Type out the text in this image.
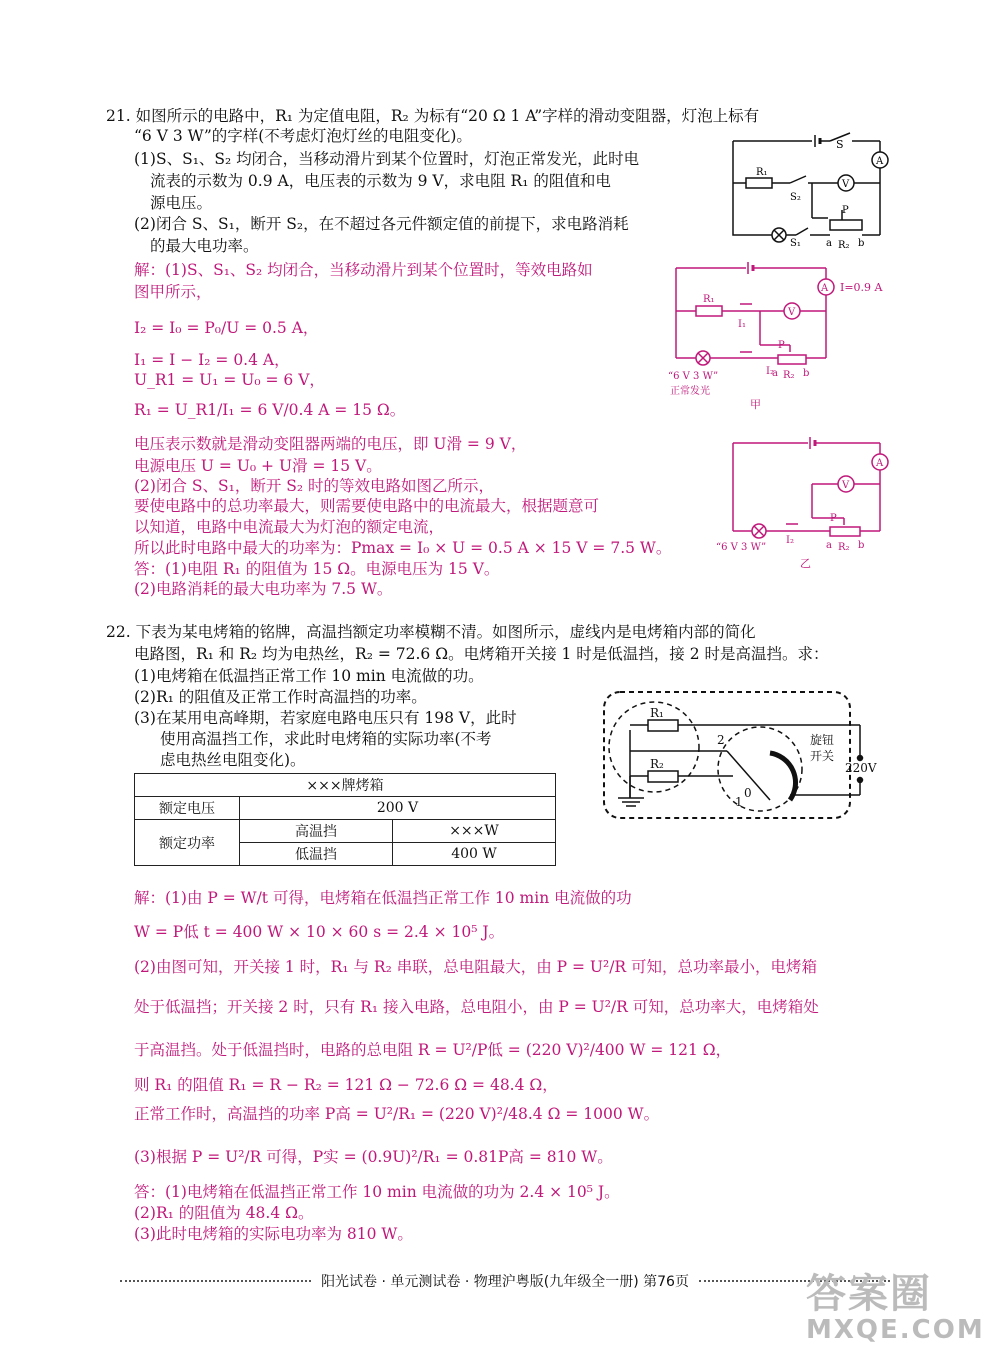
21. 如图所示的电路中，R₁ 为定值电阻，R₂ 为标有“20 Ω 1 A”字样的滑动变阻器，灯泡上标有
“6 V 3 W”的字样(不考虑灯泡灯丝的电阻变化)。
(1)S、S₁、S₂ 均闭合，当移动滑片到某个位置时，灯泡正常发光，此时电
流表的示数为 0.9 A，电压表的示数为 9 V，求电阻 R₁ 的阻值和电
源电压。
(2)闭合 S、S₁，断开 S₂，在不超过各元件额定值的前提下，求电路消耗
的最大电功率。
解：(1)S、S₁、S₂ 均闭合，当移动滑片到某个位置时，等效电路如
图甲所示，
I₂ = I₀ = P₀/U = 0.5 A，
I₁ = I − I₂ = 0.4 A，
U_R1 = U₁ = U₀ = 6 V，
R₁ = U_R1/I₁ = 6 V/0.4 A = 15 Ω。
电压表示数就是滑动变阻器两端的电压，即 U滑 = 9 V，
电源电压 U = U₀ + U滑 = 15 V。
(2)闭合 S、S₁，断开 S₂ 时的等效电路如图乙所示，
要使电路中的总功率最大，则需要使电路中的电流最大，根据题意可
以知道，电路中电流最大为灯泡的额定电流，
所以此时电路中最大的功率为：Pmax = I₀ × U = 0.5 A × 15 V = 7.5 W。
答：(1)电阻 R₁ 的阻值为 15 Ω。电源电压为 15 V。
(2)电路消耗的最大电功率为 7.5 W。
S
A
V
R₁
S₂
S₁
P
a R₂ b
I=0.9 A
A
V
R₁
I₁
I₂
P
a R₂ b
“6 V 3 W”
正常发光
甲
A
V
I₂
P
a R₂ b
“6 V 3 W”
乙
22. 下表为某电烤箱的铭牌，高温挡额定功率模糊不清。如图所示，虚线内是电烤箱内部的简化
电路图，R₁ 和 R₂ 均为电热丝，R₂ = 72.6 Ω。电烤箱开关接 1 时是低温挡，接 2 时是高温挡。求：
(1)电烤箱在低温挡正常工作 10 min 电流做的功。
(2)R₁ 的阻值及正常工作时高温挡的功率。
(3)在某用电高峰期，若家庭电路电压只有 198 V，此时
使用高温挡工作，求此时电烤箱的实际功率(不考
虑电热丝电阻变化)。
×××牌烤箱		
额定电压	200 V	
额定功率	高温挡	×××W
	低温挡	400 W
R₁
R₂
2
1
0
旋钮
开关
220V
解：(1)由 P = W/t 可得，电烤箱在低温挡正常工作 10 min 电流做的功
W = P低 t = 400 W × 10 × 60 s = 2.4 × 10⁵ J。
(2)由图可知，开关接 1 时，R₁ 与 R₂ 串联，总电阻最大，由 P = U²/R 可知，总功率最小，电烤箱
处于低温挡；开关接 2 时，只有 R₁ 接入电路，总电阻小，由 P = U²/R 可知，总功率大，电烤箱处
于高温挡。处于低温挡时，电路的总电阻 R = U²/P低 = (220 V)²/400 W = 121 Ω，
则 R₁ 的阻值 R₁ = R − R₂ = 121 Ω − 72.6 Ω = 48.4 Ω，
正常工作时，高温挡的功率 P高 = U²/R₁ = (220 V)²/48.4 Ω = 1000 W。
(3)根据 P = U²/R 可得，P实 = (0.9U)²/R₁ = 0.81P高 = 810 W。
答：(1)电烤箱在低温挡正常工作 10 min 电流做的功为 2.4 × 10⁵ J。
(2)R₁ 的阻值为 48.4 Ω。
(3)此时电烤箱的实际电功率为 810 W。
阳光试卷 · 单元测试卷 · 物理沪粤版(九年级全一册) 第76页	答案圈
MXQE.COM
